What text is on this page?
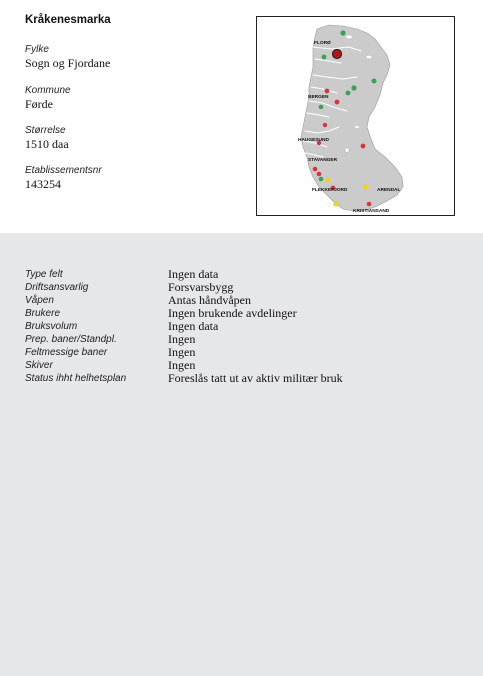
Kråkenesmarka
Fylke
Sogn og Fjordane
Kommune
Førde
Størrelse
1510 daa
Etablissementsnr
143254
FLORØ
BERGEN
HAUGESUND
STAVANGER
FLEKKEFJORD	ARENDAL
KRISTIANSAND
Type felt	Ingen data
Driftsansvarlig	Forsvarsbygg
Våpen	Antas håndvåpen
Brukere	Ingen brukende avdelinger
Bruksvolum	Ingen data
Prep. baner/Standpl.	Ingen
Feltmessige baner	Ingen
Skiver	Ingen
Status ihht helhetsplan	Foreslås tatt ut av aktiv militær bruk
